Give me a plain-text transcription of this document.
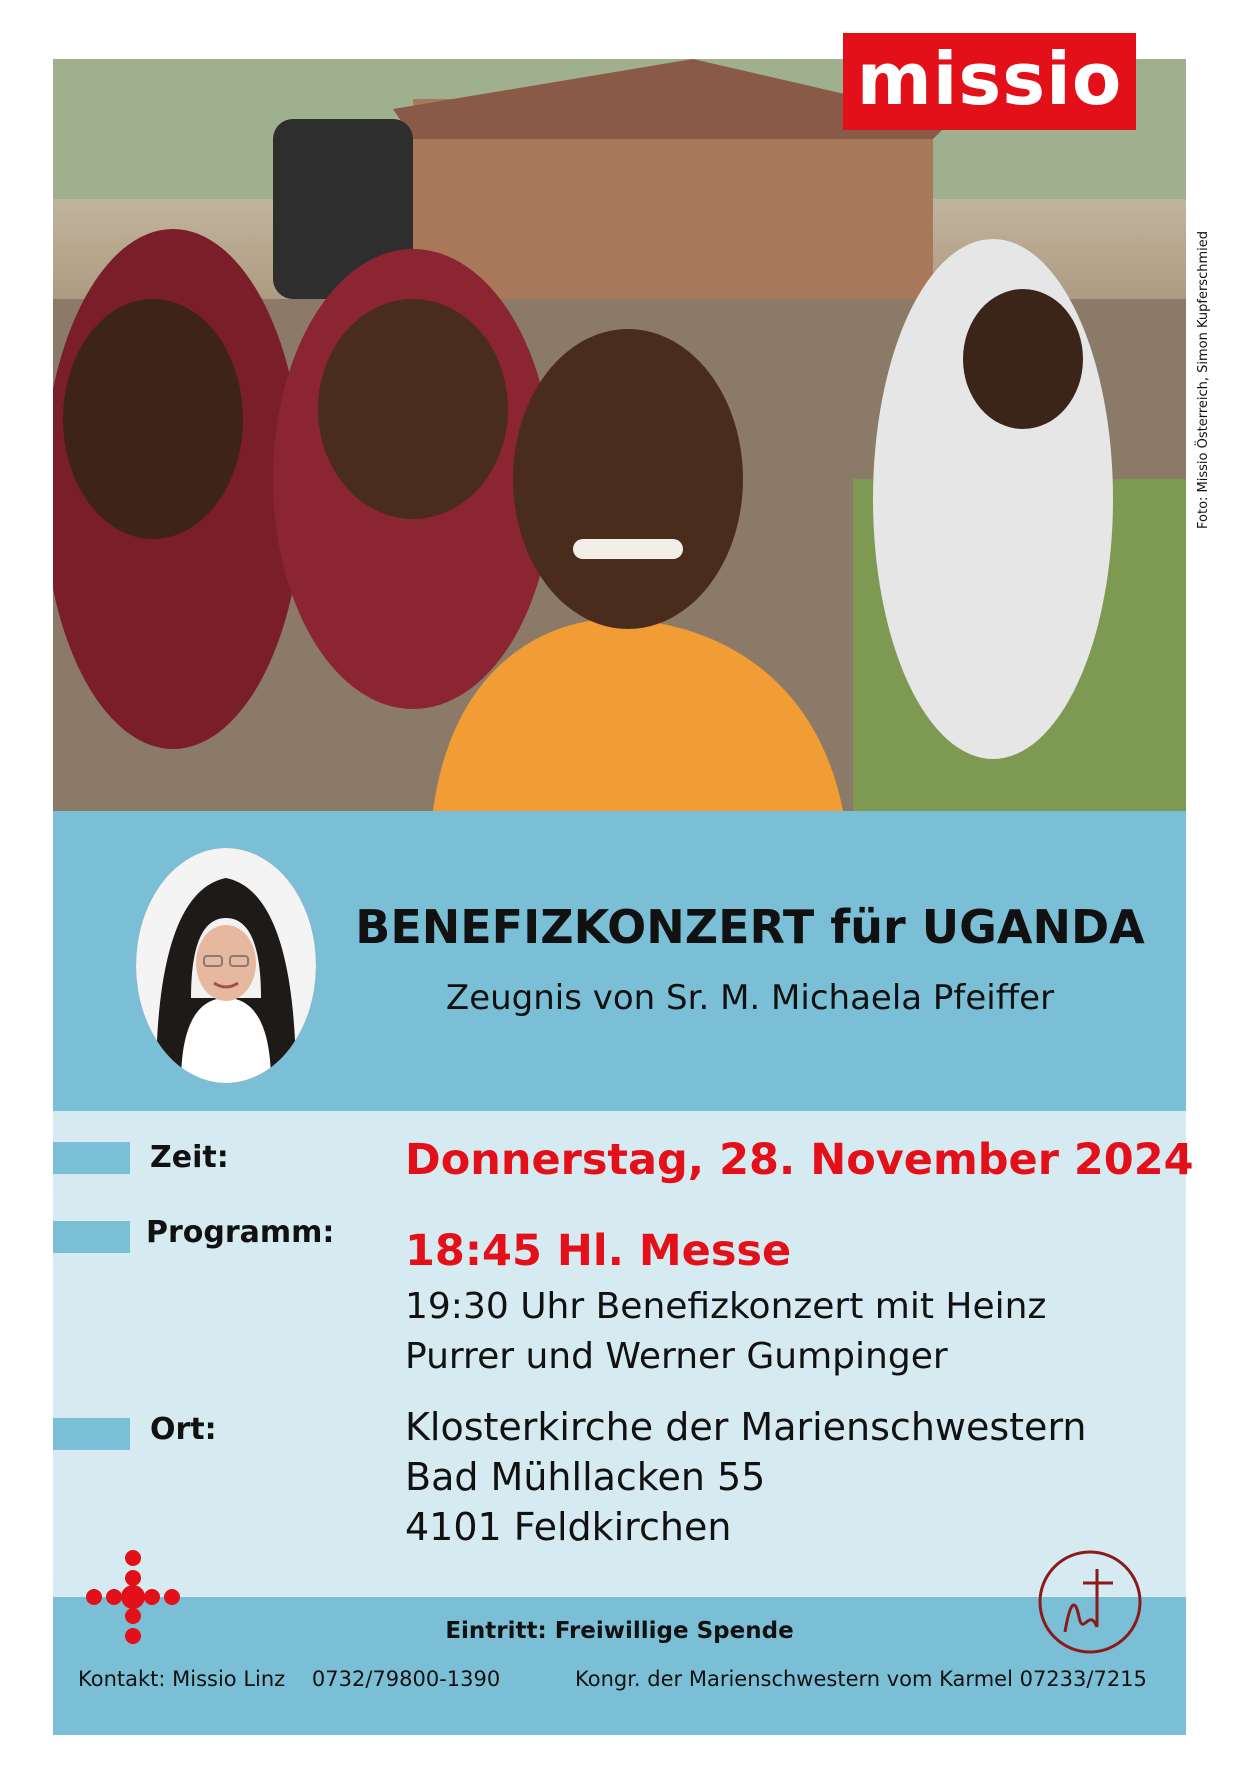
missio
Foto: Missio Österreich, Simon Kupferschmied
BENEFIZKONZERT für UGANDA
Zeugnis von Sr. M. Michaela Pfeiffer
Zeit:	Donnerstag, 28. November 2024
Programm: 18:45 Hl. Messe
19:30 Uhr Benefizkonzert mit Heinz
Purrer und Werner Gumpinger
Ort:	Klosterkirche der Marienschwestern
Bad Mühllacken 55
4101 Feldkirchen
Eintritt: Freiwillige Spende
Kontakt: Missio Linz    0732/79800-1390	Kongr. der Marienschwestern vom Karmel 07233/7215
